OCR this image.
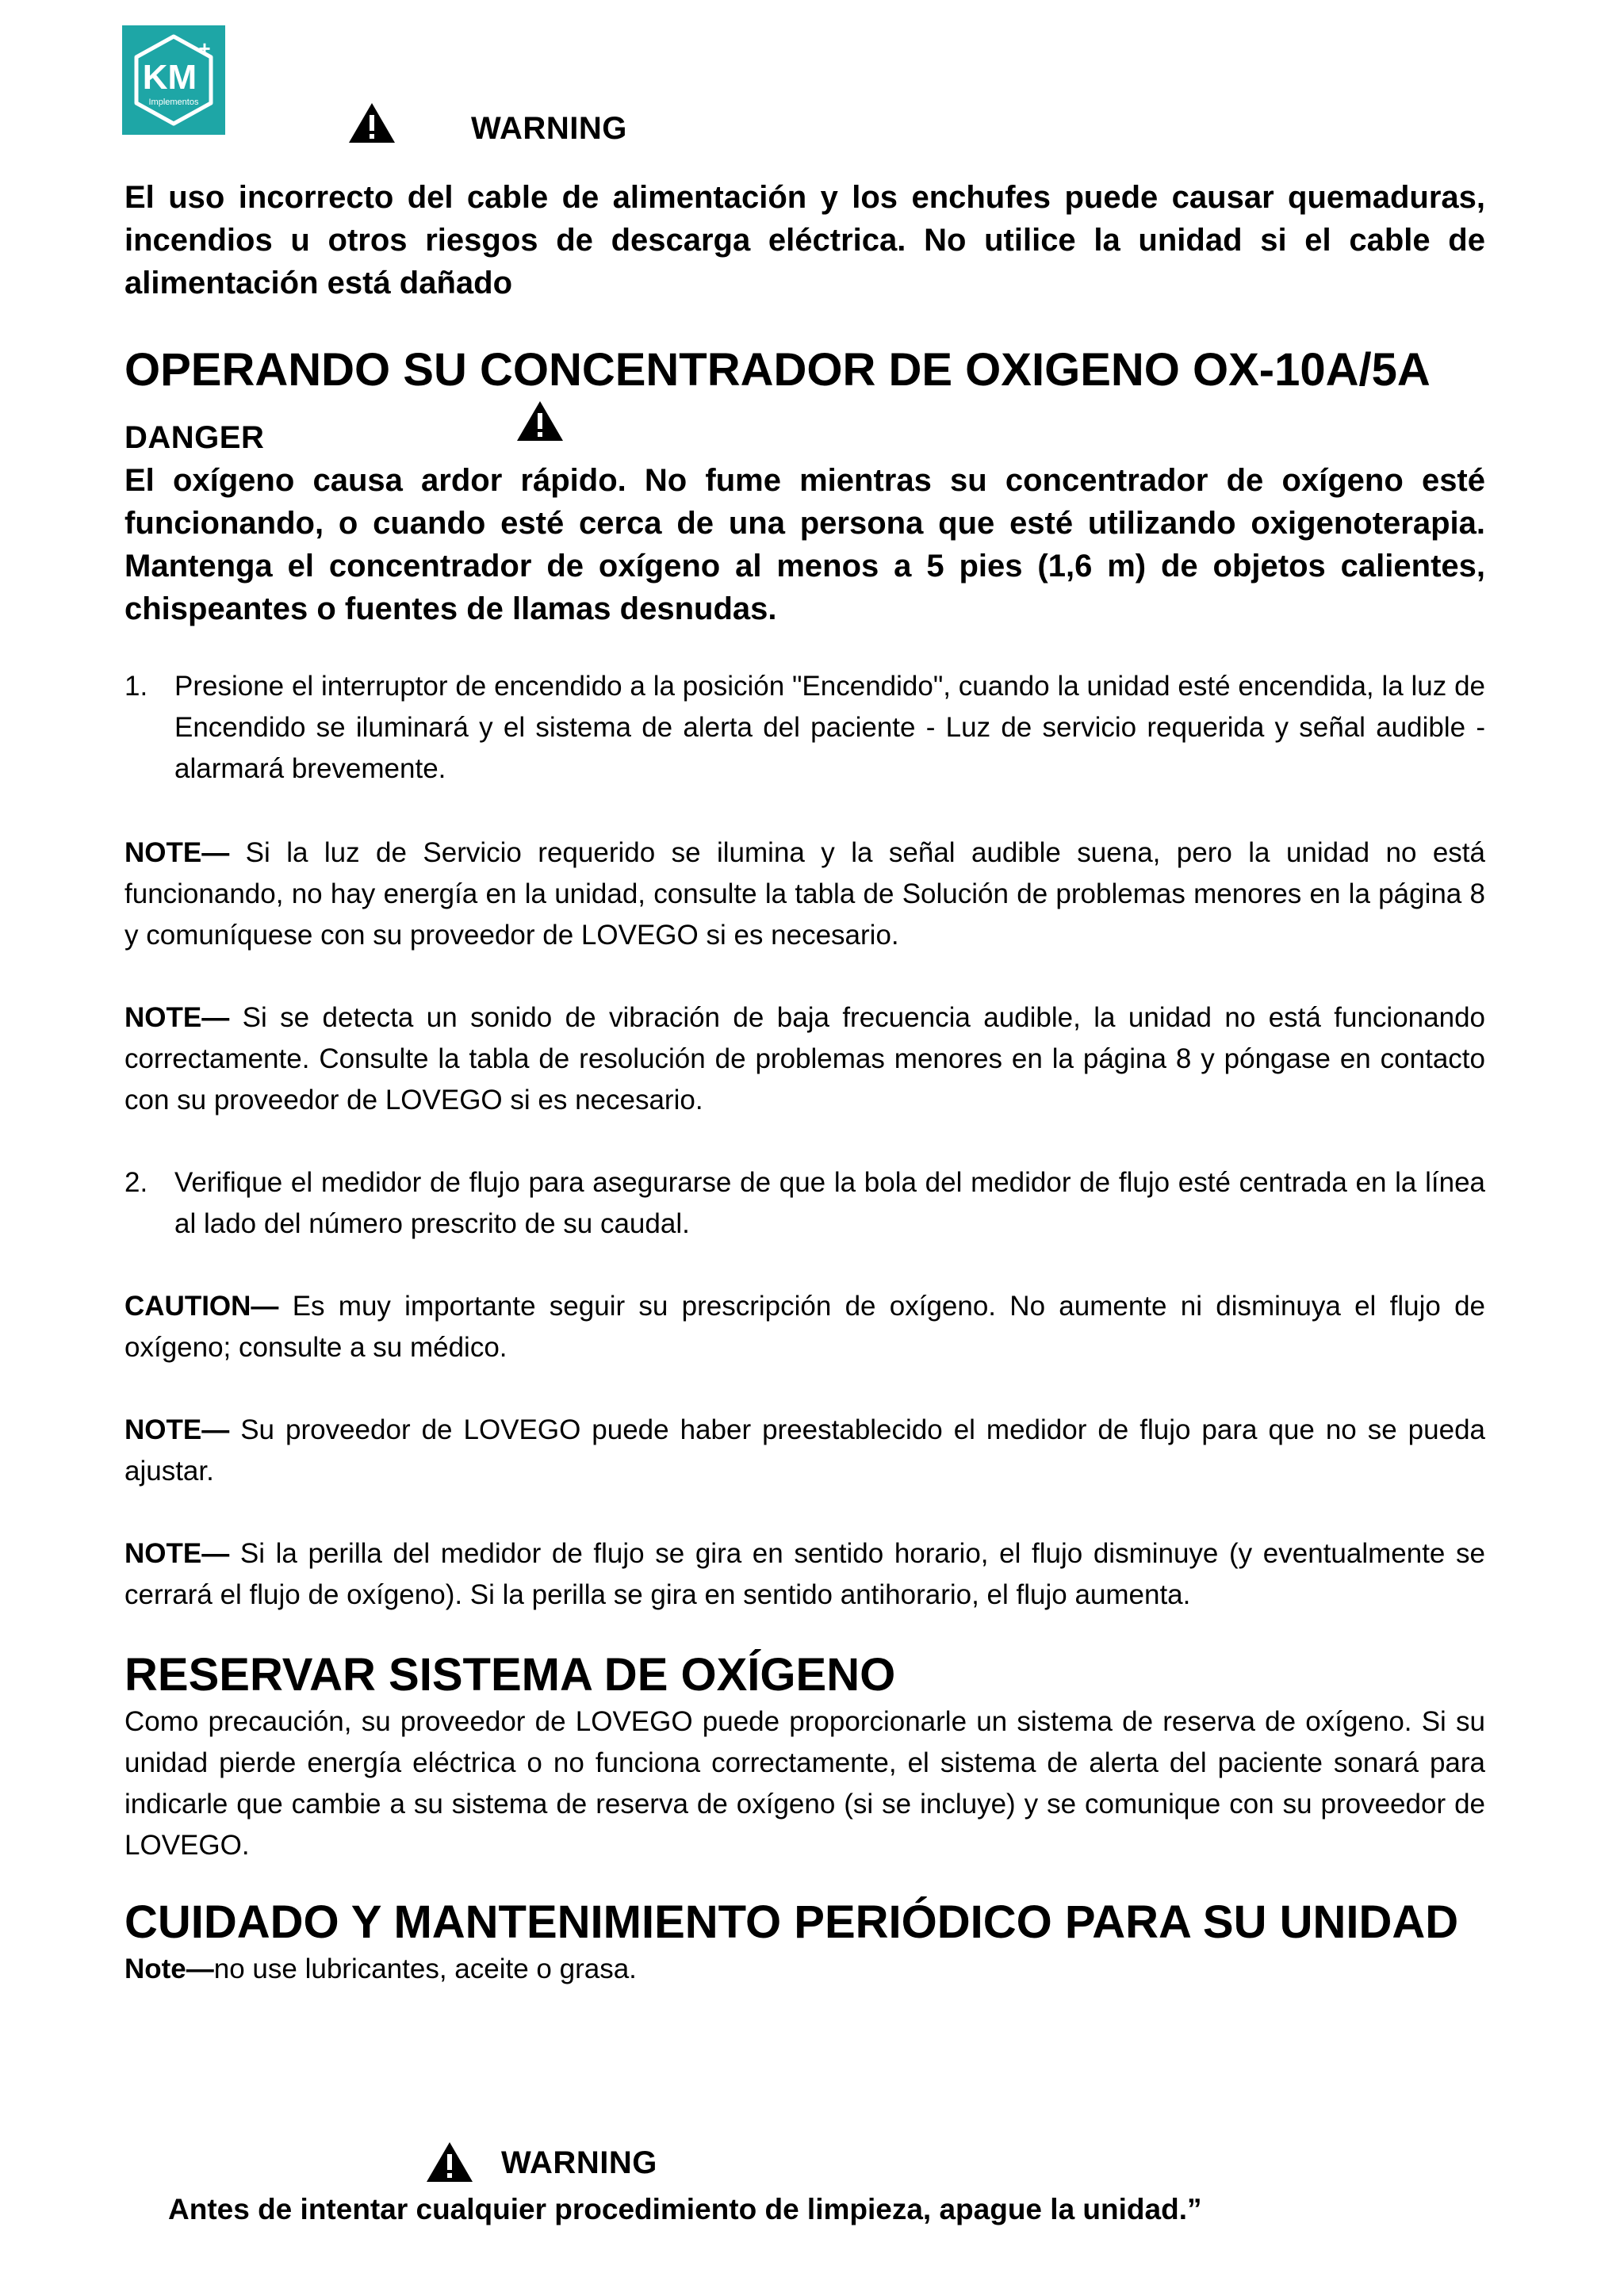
KM
+
Implementos
WARNING
El uso incorrecto del cable de alimentación y los enchufes puede causar quemaduras, incendios u otros riesgos de descarga eléctrica. No utilice la unidad si el cable de alimentación está dañado
OPERANDO SU CONCENTRADOR DE OXIGENO OX-10A/5A
DANGER
El oxígeno causa ardor rápido. No fume mientras su concentrador de oxígeno esté funcionando, o cuando esté cerca de una persona que esté utilizando oxigenoterapia. Mantenga el concentrador de oxígeno al menos a 5 pies (1,6 m) de objetos calientes, chispeantes o fuentes de llamas desnudas.
1. Presione el interruptor de encendido a la posición "Encendido", cuando la unidad esté encendida, la luz de Encendido se iluminará y el sistema de alerta del paciente - Luz de servicio requerida y señal audible - alarmará brevemente.
NOTE— Si la luz de Servicio requerido se ilumina y la señal audible suena, pero la unidad no está funcionando, no hay energía en la unidad, consulte la tabla de Solución de problemas menores en la página 8 y comuníquese con su proveedor de LOVEGO si es necesario.
NOTE— Si se detecta un sonido de vibración de baja frecuencia audible, la unidad no está funcionando correctamente. Consulte la tabla de resolución de problemas menores en la página 8 y póngase en contacto con su proveedor de LOVEGO si es necesario.
2. Verifique el medidor de flujo para asegurarse de que la bola del medidor de flujo esté centrada en la línea al lado del número prescrito de su caudal.
CAUTION— Es muy importante seguir su prescripción de oxígeno. No aumente ni disminuya el flujo de oxígeno; consulte a su médico.
NOTE— Su proveedor de LOVEGO puede haber preestablecido el medidor de flujo para que no se pueda ajustar.
NOTE— Si la perilla del medidor de flujo se gira en sentido horario, el flujo disminuye (y eventualmente se cerrará el flujo de oxígeno). Si la perilla se gira en sentido antihorario, el flujo aumenta.
RESERVAR SISTEMA DE OXÍGENO
Como precaución, su proveedor de LOVEGO puede proporcionarle un sistema de reserva de oxígeno. Si su unidad pierde energía eléctrica o no funciona correctamente, el sistema de alerta del paciente sonará para indicarle que cambie a su sistema de reserva de oxígeno (si se incluye) y se comunique con su proveedor de LOVEGO.
CUIDADO Y MANTENIMIENTO PERIÓDICO PARA SU UNIDAD
Note—no use lubricantes, aceite o grasa.
WARNING
Antes de intentar cualquier procedimiento de limpieza, apague la unidad.”
